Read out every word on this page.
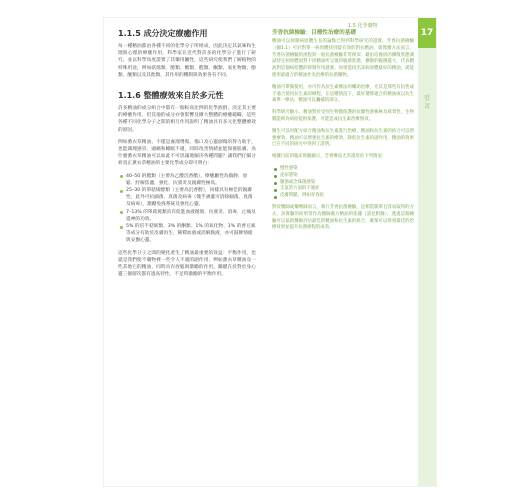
17
引言
1.5 化學藥物
1.1.5 成分決定療癒作用

每一種精油都由各種不同的化學分子所組成，因此決定其氣味和生理與心理的療癒作用，科學家在近代對許多的化學分子進行了研究，並以科學角度證實了其藥用屬性，這些研究使我們了解植物的特殊用途，例如萜烯類、醇類、酯類、醛類、酮類、氧化物類、酚類、醚類以及其他類，其作用的機制與效果各有不同。

1.1.6 整體療效來自於多元性

許多精油的成分組合中都有一個較高比例的化學族群，決定其主要的療癒作用，但其他的成分亦會影響及擴大整體的療癒範疇，這些各種不同化學分子之間的相互作用說明了精油具有多元化整體療效的原因。

例如薰衣草精油，不僅是處理燙傷、傷口及心靈創傷的得力助手，也能調理感冒、頭痛和睡眠不適，同時改善情緒並能保養肌膚，為什麼薰衣草精油可以如此不可思議地解決各種問題？讓我們仔細分析真正薰衣草精油的主要化學成分即可明白：

40–50 的酯類（主要為乙酸沉香酯），療癒屬性為鎮靜、放鬆、紓解焦慮，強化、抗發炎及親膚性極高。
25–30 的單萜烯醇類（主要為沉香醇），同樣具有極佳的親膚性，此外可抗細菌、真菌及病毒（幾乎涵蓋可消除細菌、真菌及病毒），激勵免疫系統及強化心靈。
7–13% 的單萜烯類具有促進血液循環、抗發炎、消毒、止痛及提神的功效。
5% 的倍半萜烯類、3% 的酮類、1% 的氧化物、1% 的香豆素等成分有助於皮膚再生、稀釋血液或消解黏液，亦可鼓舞情緒與安撫心靈。

這些化學分子之間的變化產生了精油最重要的效益：平衡作用，也就是我們使不藥物裡一些令人不適的副作用，例如薰衣草精油及一些其他它的精油，同時具有放鬆與激勵的作用，關鍵在於對於身心靈三個層次都有過高特性，不足時激勵的平衡作用。

芳香抗菌檢驗：目標性治療的基礎

精油可以抑制病原體生長的論點已得到科學研究的證實，芳香抗菌檢驗（圖1.1）可針對單一病原體找到最有效的對抗精油，就像醫方法而言，芳香抗菌檢驗的流程與一般抗菌檢驗非常相似：藉由培養皿的擴散狀態測試特定病原體面對不同精油所呈現的敏感狀態，擴散的範圍越大，代表精油對這個病原體的抑制作用越強。如果能找出該病原體最好的精油，就能使用最適合的精油作為治療的抗菌藥物。

精油可單獨使用，亦可作為抗生素療法的輔助治療，尤其是那些有抗性或不適合使用抗生素的療程，在這種情況下，最好選擇適合的精油或以抗生素單一療法，精油可以彌補的部分。

科學研究顯示，精油對於受到生物膜保護的抗藥性菌株極具威脅性，生物膜能夠為病原提供保護，可能造成抗生素治療無效。

醫生可以用配方結合精油和抗生素進行治療，精油和抗生素的結合可以增強療效，精油可以增強抗生素的療效、降低抗生素的副作用，精油的效果已在不同的研究中得到了證明。

根據目前的臨床經驗顯示，芳香療法尤其適用於下列情況：

慢性感染
泌尿感染
黴菌或念珠菌感染
支氣管方面的不適症
皮膚問題，例如青春痘

對於醫師或藥劑師而言，執行芳香抗菌檢驗，是相當簡單且容易取得的方式，該實驗的結果常作為醫師處方精油的依據（請見附錄），透過這個檢驗可以協助醫師評估最佳的精油和抗生素的組合，確保可以得到最佳的治療效果並提升抗菌療程的成效。
